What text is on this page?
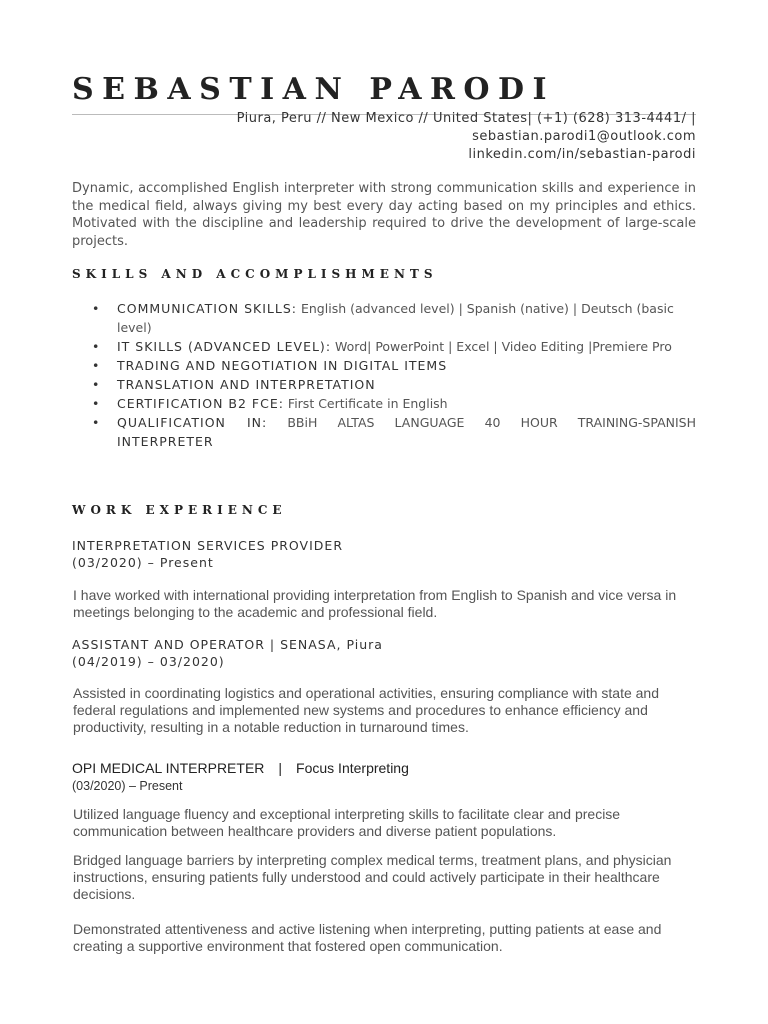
SEBASTIAN PARODI
Piura, Peru // New Mexico // United States| (+1) (628) 313-4441/ |
sebastian.parodi1@outlook.com
linkedin.com/in/sebastian-parodi

Dynamic, accomplished English interpreter with strong communication skills and experience in the medical field, always giving my best every day acting based on my principles and ethics. Motivated with the discipline and leadership required to drive the development of large-scale projects.

SKILLS AND ACCOMPLISHMENTS
• COMMUNICATION SKILLS: English (advanced level) | Spanish (native) | Deutsch (basic level)
• IT SKILLS (ADVANCED LEVEL): Word| PowerPoint | Excel | Video Editing |Premiere Pro
• TRADING AND NEGOTIATION IN DIGITAL ITEMS
• TRANSLATION AND INTERPRETATION
• CERTIFICATION B2 FCE: First Certificate in English
• QUALIFICATION IN: BBiH ALTAS LANGUAGE 40 HOUR TRAINING-SPANISH
INTERPRETER
WORK EXPERIENCE
INTERPRETATION SERVICES PROVIDER
(03/2020) – Present

I have worked with international providing interpretation from English to Spanish and vice versa in meetings belonging to the academic and professional field.

ASSISTANT AND OPERATOR | SENASA, Piura
(04/2019) – 03/2020)

Assisted in coordinating logistics and operational activities, ensuring compliance with state and federal regulations and implemented new systems and procedures to enhance efficiency and productivity, resulting in a notable reduction in turnaround times.

OPI MEDICAL INTERPRETER | Focus Interpreting
(03/2020) – Present

Utilized language fluency and exceptional interpreting skills to facilitate clear and precise communication between healthcare providers and diverse patient populations.

Bridged language barriers by interpreting complex medical terms, treatment plans, and physician instructions, ensuring patients fully understood and could actively participate in their healthcare decisions.

Demonstrated attentiveness and active listening when interpreting, putting patients at ease and creating a supportive environment that fostered open communication.
